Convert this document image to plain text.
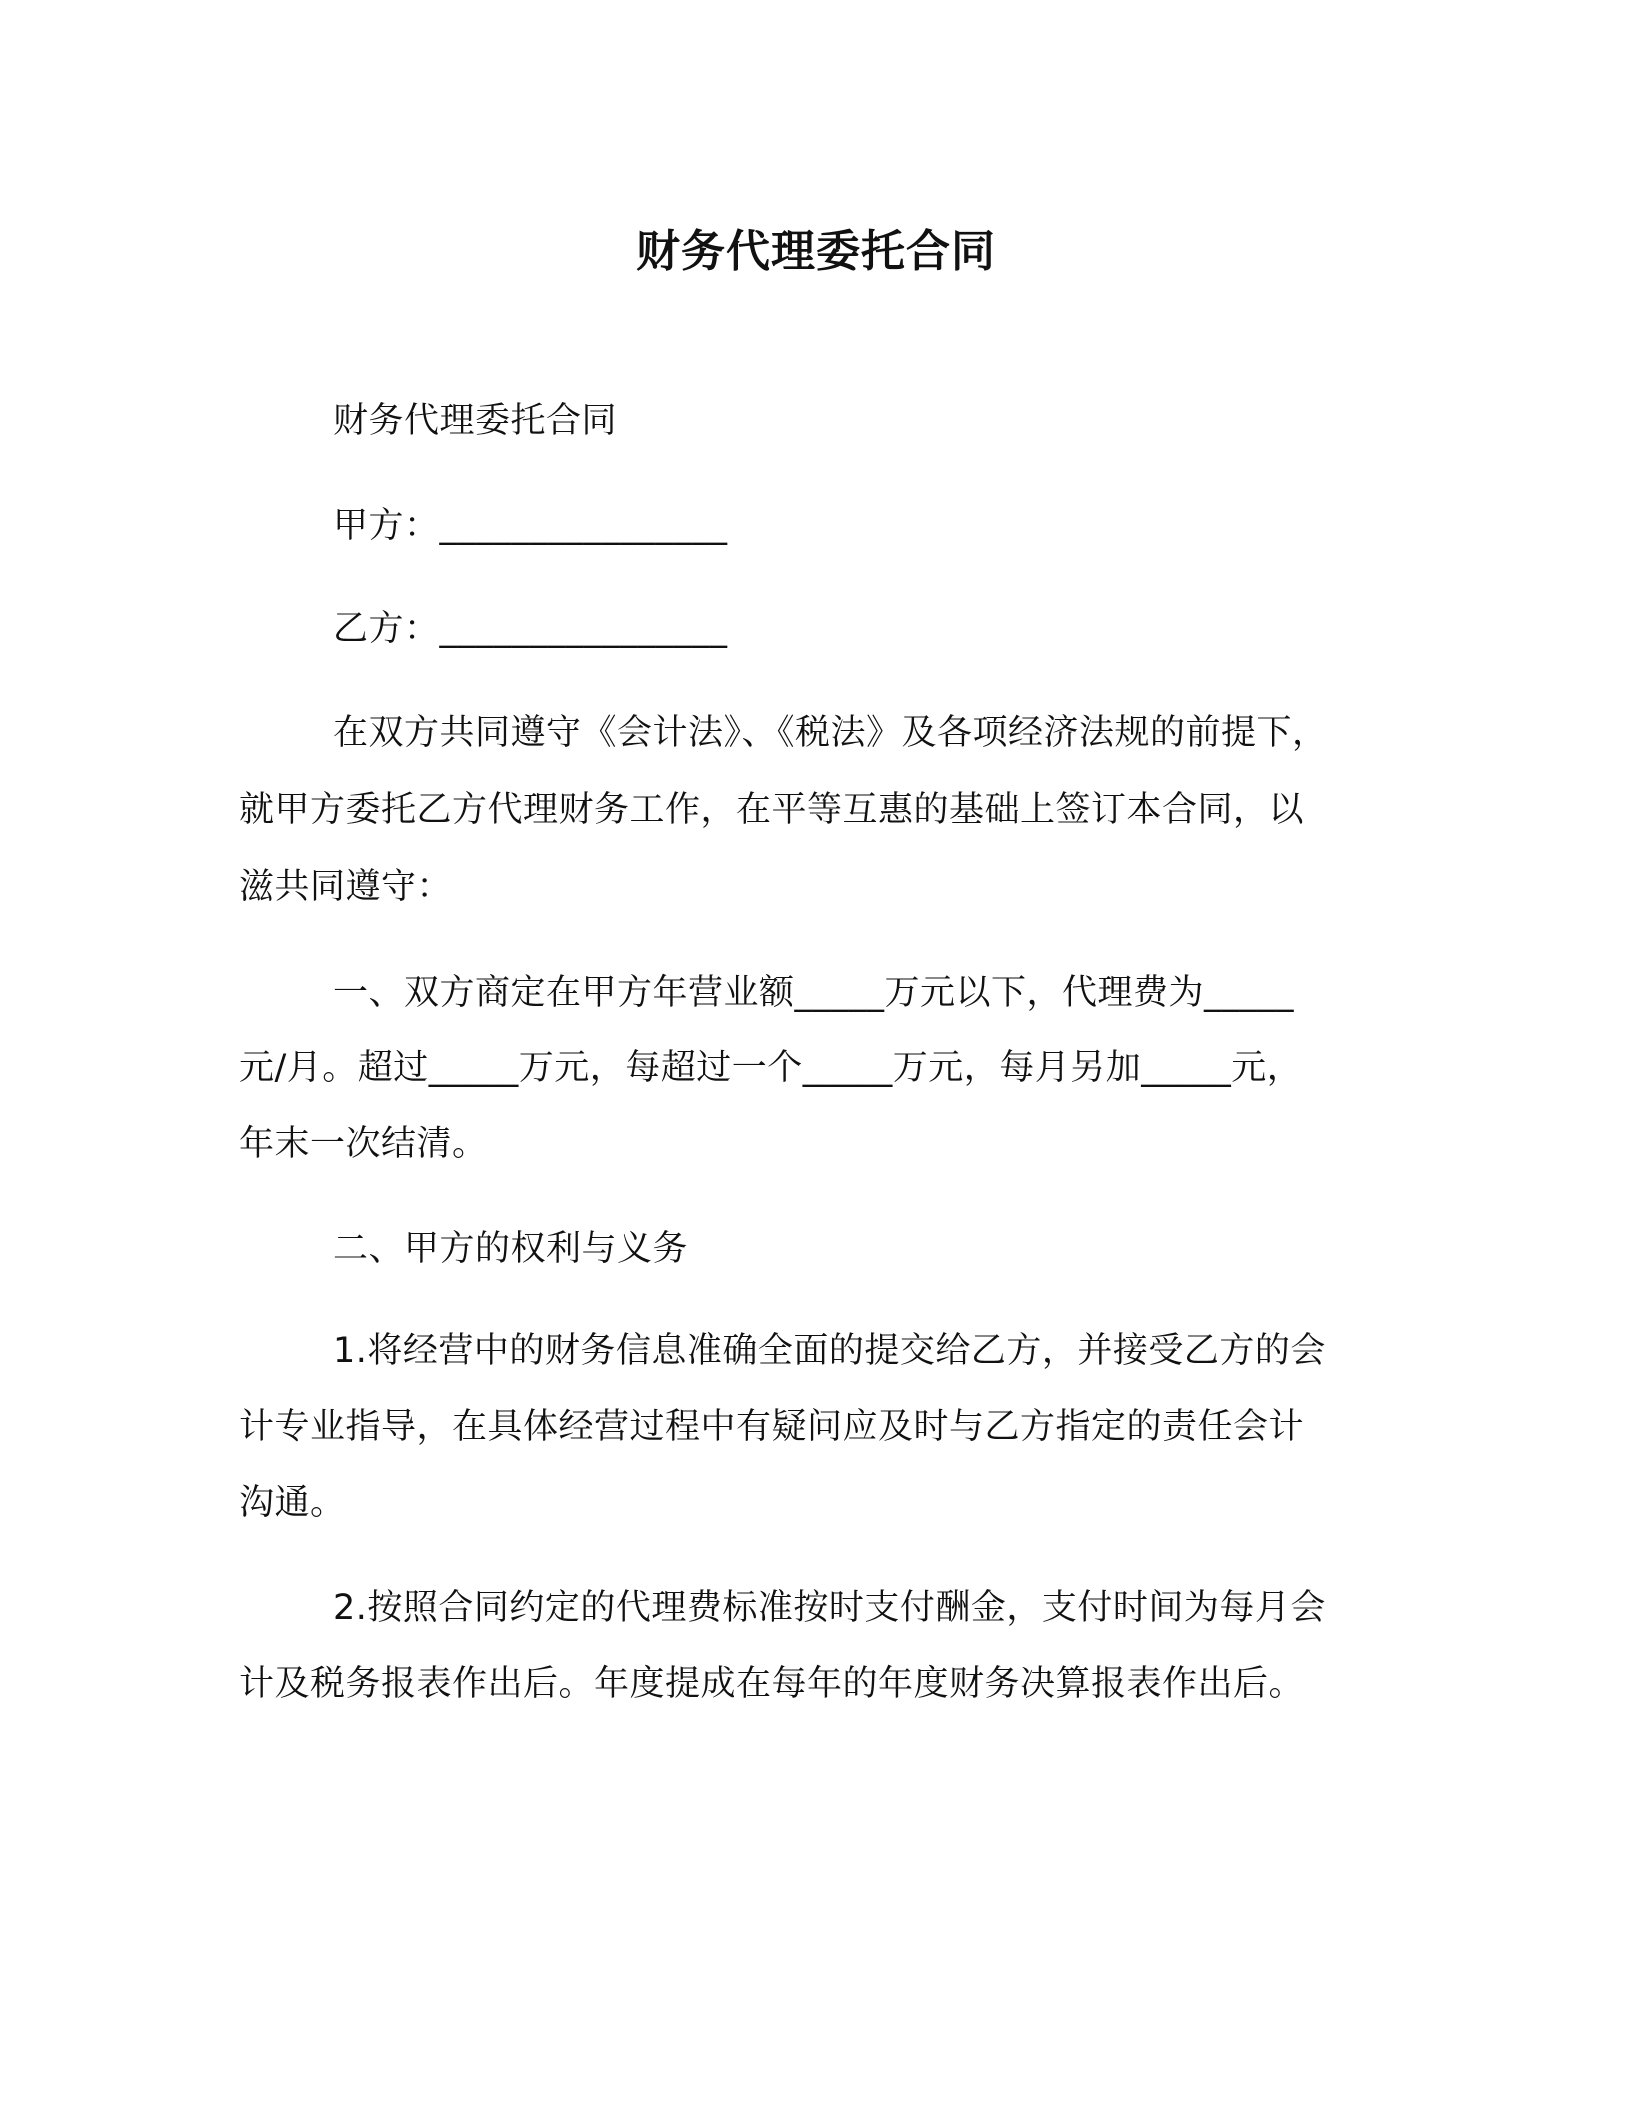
财务代理委托合同
财务代理委托合同
甲方：________________
乙方：________________
在双方共同遵守《会计法》、《税法》及各项经济法规的前提下，
就甲方委托乙方代理财务工作，在平等互惠的基础上签订本合同，以
滋共同遵守：
一、双方商定在甲方年营业额_____万元以下，代理费为_____
元/月。超过_____万元，每超过一个_____万元，每月另加_____元，
年末一次结清。
二、甲方的权利与义务
1.将经营中的财务信息准确全面的提交给乙方，并接受乙方的会
计专业指导，在具体经营过程中有疑问应及时与乙方指定的责任会计
沟通。
2.按照合同约定的代理费标准按时支付酬金，支付时间为每月会
计及税务报表作出后。年度提成在每年的年度财务决算报表作出后。
